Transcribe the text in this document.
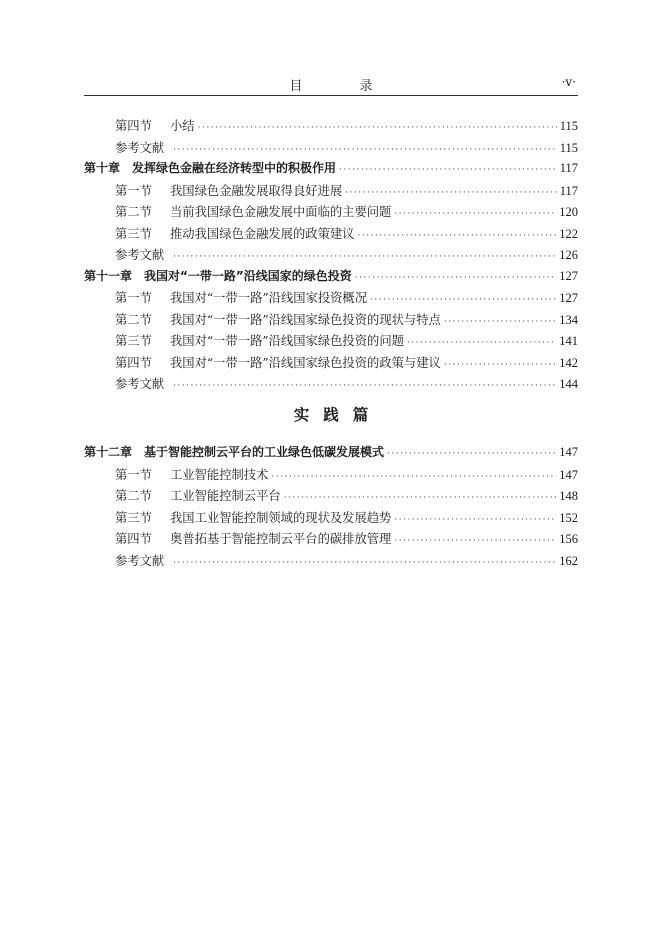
目　录	·v·
第四节	小结 ·····	115
参考文献 ·····	115
第十章 发挥绿色金融在经济转型中的积极作用 ·····	117
第一节	我国绿色金融发展取得良好进展 ·····	117
第二节	当前我国绿色金融发展中面临的主要问题 ·····	120
第三节	推动我国绿色金融发展的政策建议 ·····	122
参考文献 ·····	126
第十一章 我国对“一带一路”沿线国家的绿色投资 ·····	127
第一节	我国对“一带一路”沿线国家投资概况 ·····	127
第二节	我国对“一带一路”沿线国家绿色投资的现状与特点 ·····	134
第三节	我国对“一带一路”沿线国家绿色投资的问题 ·····	141
第四节	我国对“一带一路”沿线国家绿色投资的政策与建议 ·····	142
参考文献 ·····	144
实践篇
第十二章 基于智能控制云平台的工业绿色低碳发展模式 ·····	147
第一节	工业智能控制技术 ·····	147
第二节	工业智能控制云平台 ·····	148
第三节	我国工业智能控制领域的现状及发展趋势 ·····	152
第四节	奥普拓基于智能控制云平台的碳排放管理 ·····	156
参考文献 ·····	162
